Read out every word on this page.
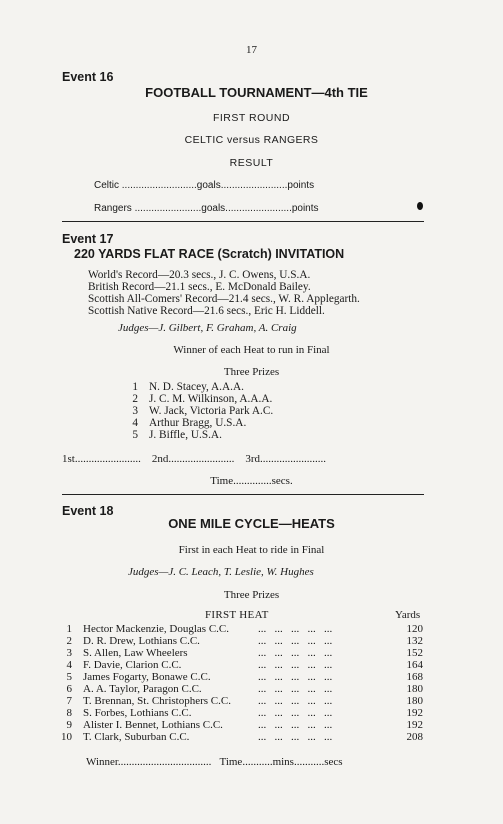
17
Event 16
FOOTBALL TOURNAMENT—4th TIE
FIRST ROUND
CELTIC versus RANGERS
RESULT
Celtic ...........................goals........................points
Rangers ........................goals........................points
Event 17
220 YARDS FLAT RACE (Scratch) INVITATION
World's Record—20.3 secs., J. C. Owens, U.S.A.
British Record—21.1 secs., E. McDonald Bailey.
Scottish All-Comers' Record—21.4 secs., W. R. Applegarth.
Scottish Native Record—21.6 secs., Eric H. Liddell.
Judges—J. Gilbert, F. Graham, A. Craig
Winner of each Heat to run in Final
Three Prizes
1 N. D. Stacey, A.A.A.
2 J. C. M. Wilkinson, A.A.A.
3 W. Jack, Victoria Park A.C.
4 Arthur Bragg, U.S.A.
5 J. Biffle, U.S.A.
1st........................    2nd........................    3rd........................
Time..............secs.
Event 18
ONE MILE CYCLE—HEATS
First in each Heat to ride in Final
Judges—J. C. Leach, T. Leslie, W. Hughes
Three Prizes
FIRST HEAT	Yards
1 Hector Mackenzie, Douglas C.C.	...   ...   ...   ...   ...	120
2 D. R. Drew, Lothians C.C.	...   ...   ...   ...   ...	132
3 S. Allen, Law Wheelers	...   ...   ...   ...   ...	152
4 F. Davie, Clarion C.C.	...   ...   ...   ...   ...	164
5 James Fogarty, Bonawe C.C.	...   ...   ...   ...   ...	168
6 A. A. Taylor, Paragon C.C.	...   ...   ...   ...   ...	180
7 T. Brennan, St. Christophers C.C. ...   ...   ...   ...   ...	180
8 S. Forbes, Lothians C.C.	...   ...   ...   ...   ...	192
9 Alister I. Bennet, Lothians C.C.	...   ...   ...   ...   ...	192
10 T. Clark, Suburban C.C.	...   ...   ...   ...   ...	208
Winner..................................   Time...........mins...........secs
